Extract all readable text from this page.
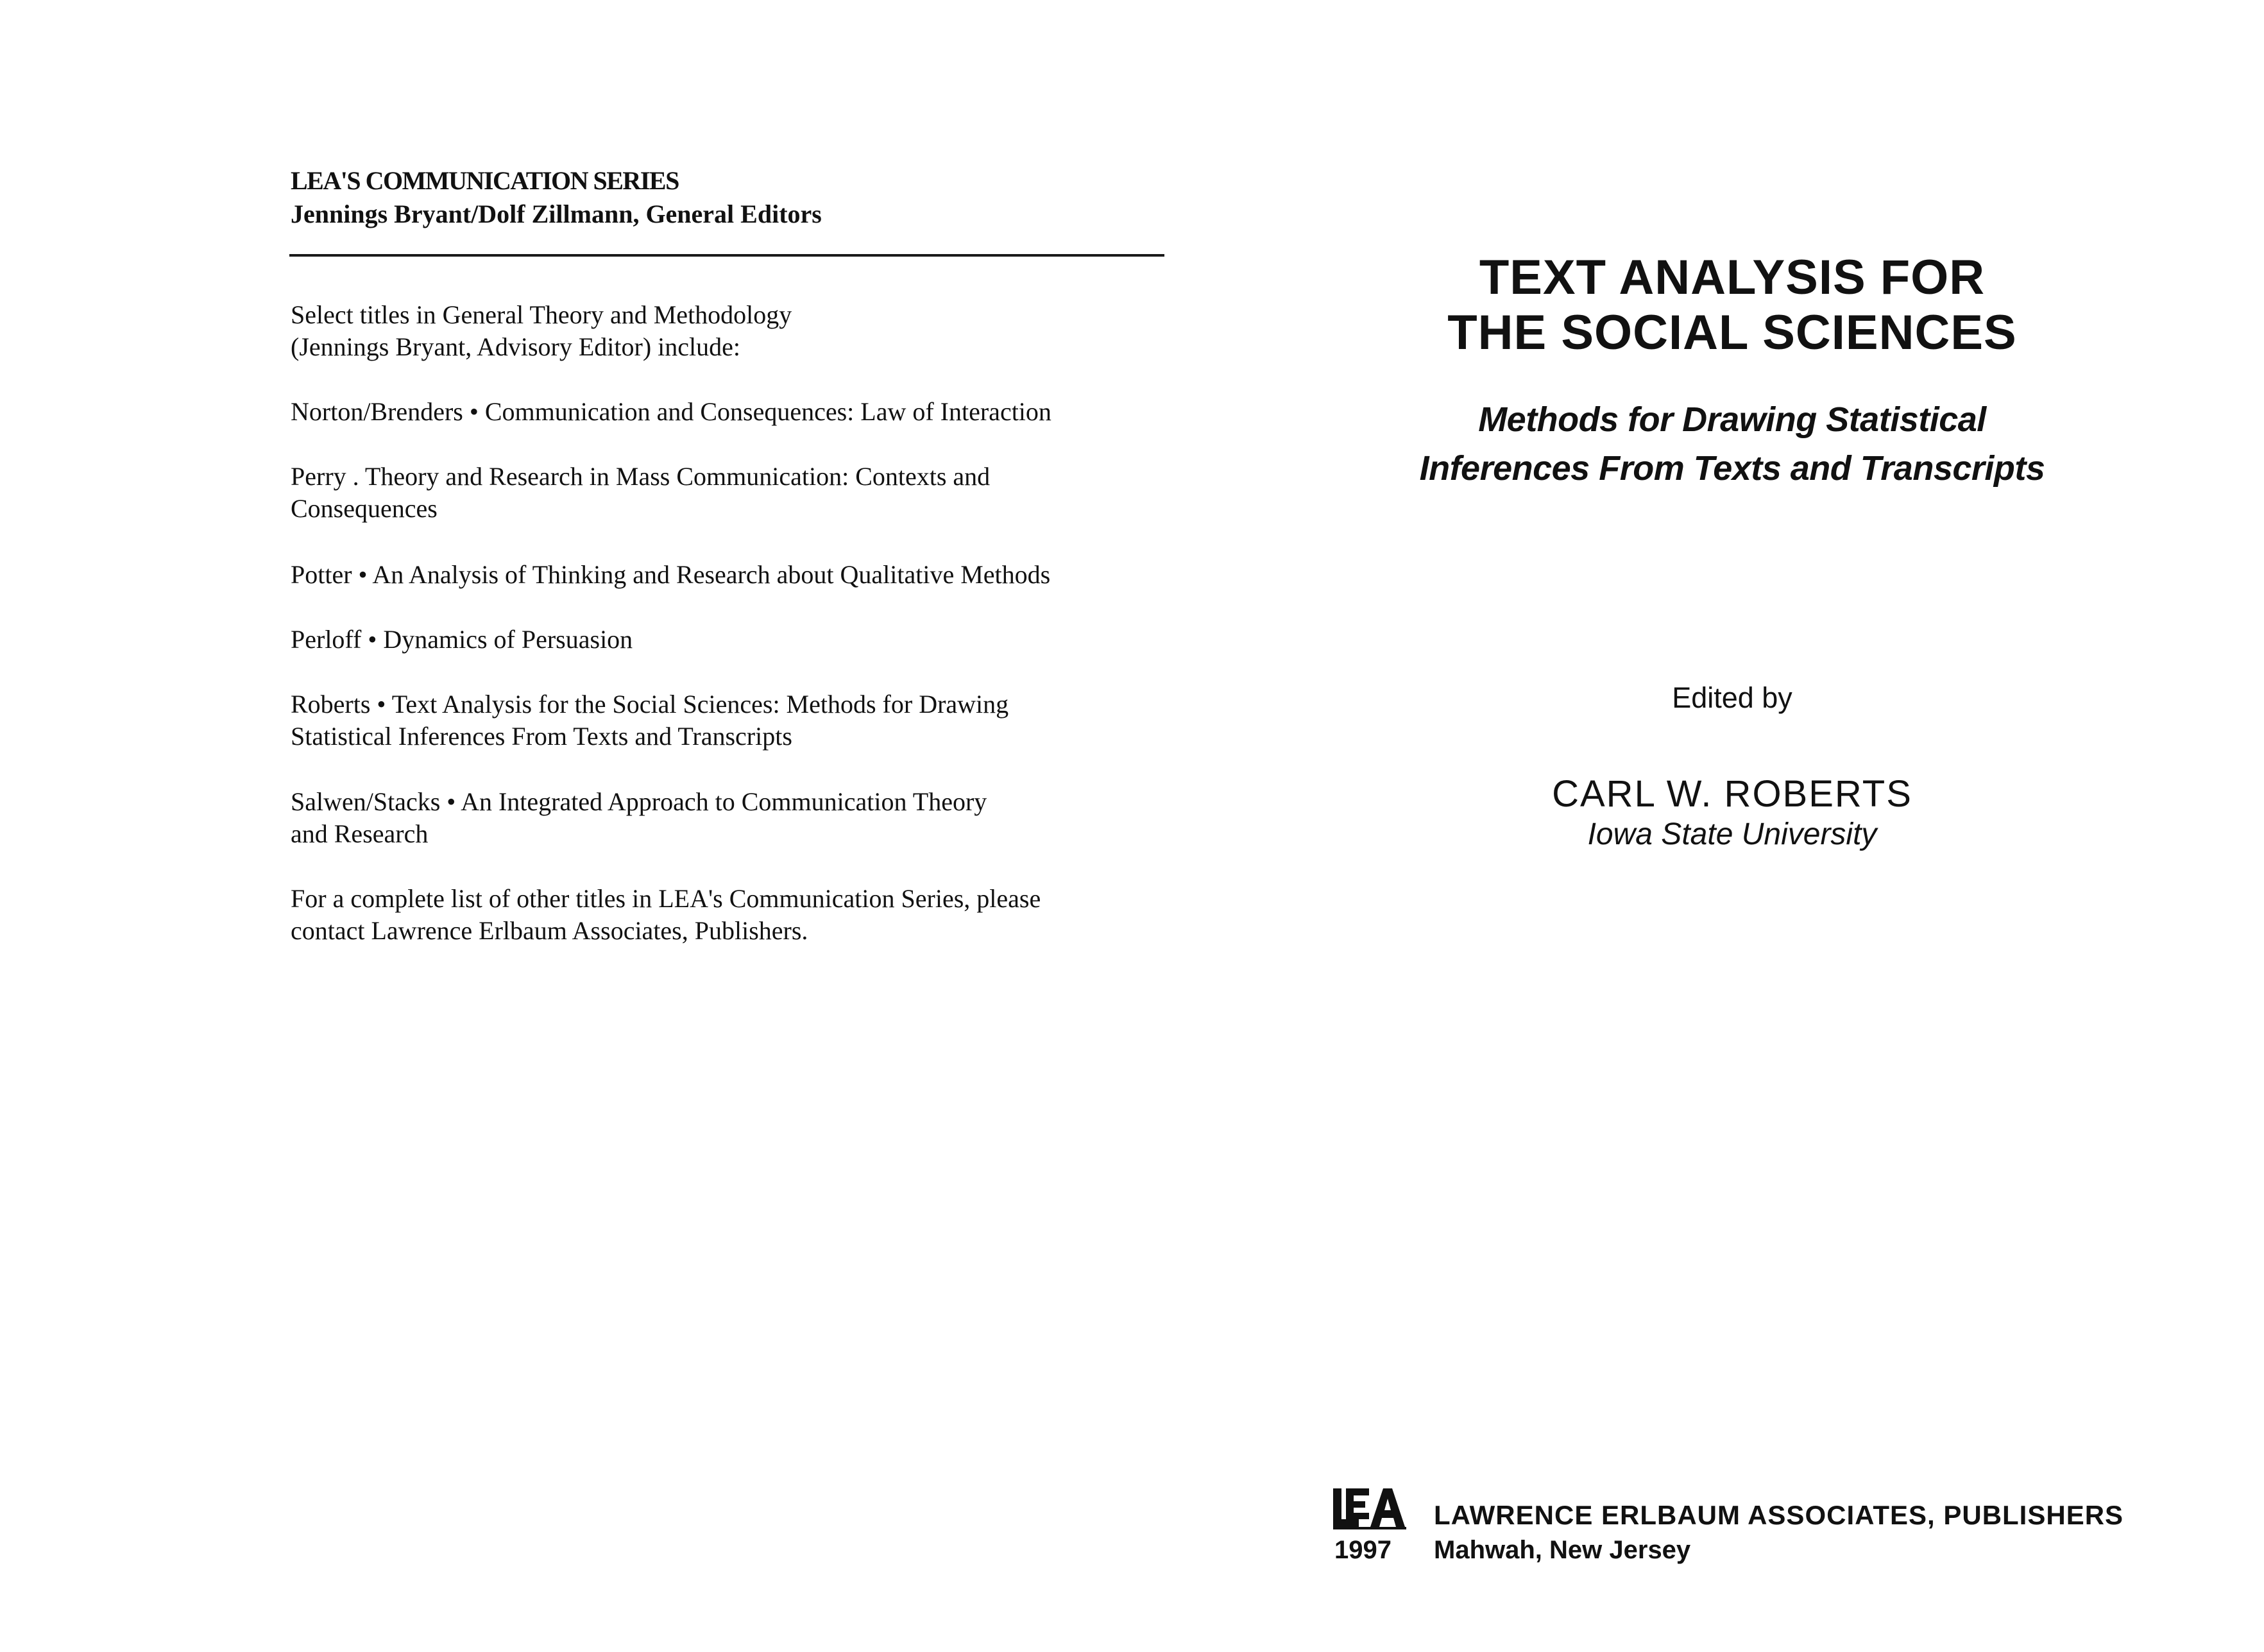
LEA'S COMMUNICATION SERIES
Jennings Bryant/Dolf Zillmann, General Editors
Select titles in General Theory and Methodology
(Jennings Bryant, Advisory Editor) include:
Norton/Brenders • Communication and Consequences: Law of Interaction
Perry . Theory and Research in Mass Communication: Contexts and
Consequences
Potter • An Analysis of Thinking and Research about Qualitative Methods
Perloff • Dynamics of Persuasion
Roberts • Text Analysis for the Social Sciences: Methods for Drawing
Statistical Inferences From Texts and Transcripts
Salwen/Stacks • An Integrated Approach to Communication Theory
and Research
For a complete list of other titles in LEA's Communication Series, please
contact Lawrence Erlbaum Associates, Publishers.
TEXT ANALYSIS FOR
THE SOCIAL SCIENCES
Methods for Drawing Statistical
Inferences From Texts and Transcripts
Edited by
CARL W. ROBERTS
Iowa State University
1997
LAWRENCE ERLBAUM ASSOCIATES, PUBLISHERS
Mahwah, New Jersey
